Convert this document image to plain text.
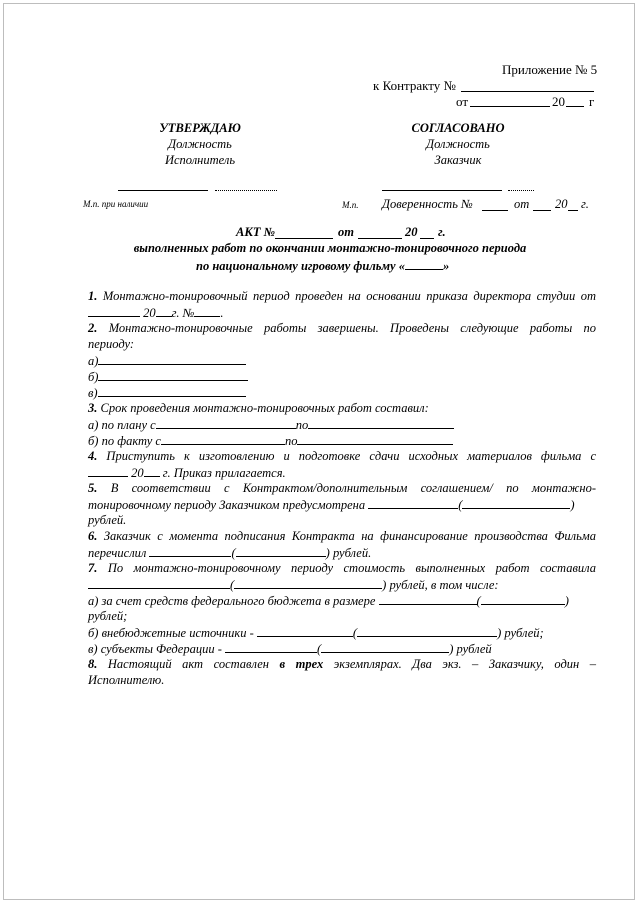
Приложение № 5
к Контракту №
от	20 г
УТВЕРЖДАЮ
Должность
Исполнитель
СОГЛАСОВАНО
Должность
Заказчик
М.п. при наличии	М.п. Доверенность №	от 20 г.
АКТ №	от	20 г.
выполненных работ по окончании монтажно-тонировочного периода
по национальному игровому фильму «	»
1. Монтажно-тонировочный период проведен на основании приказа директора студии от
20 г. № .
2. Монтажно-тонировочные работы завершены. Проведены следующие работы по
периоду:
а)
б)
в)
3. Срок проведения монтажно-тонировочных работ составил:
а) по плану с	по
б) по факту с	по
4. Приступить к изготовлению и подготовке сдачи исходных материалов фильма с
20 г. Приказ прилагается.
5. В соответствии с Контрактом/дополнительным соглашением/ по монтажно-
тонировочному периоду Заказчиком предусмотрена	(	)
рублей.
6. Заказчик с момента подписания Контракта на финансирование производства Фильма
перечислил	(	) рублей.
7. По монтажно-тонировочному периоду стоимость выполненных работ составила
(	) рублей, в том числе:
а) за счет средств федерального бюджета в размере	(	)
рублей;
б) внебюджетные источники -	(	) рублей;
в) субъекты Федерации -	(	) рублей
8. Настоящий акт составлен в трех экземплярах. Два экз. – Заказчику, один –
Исполнителю.
